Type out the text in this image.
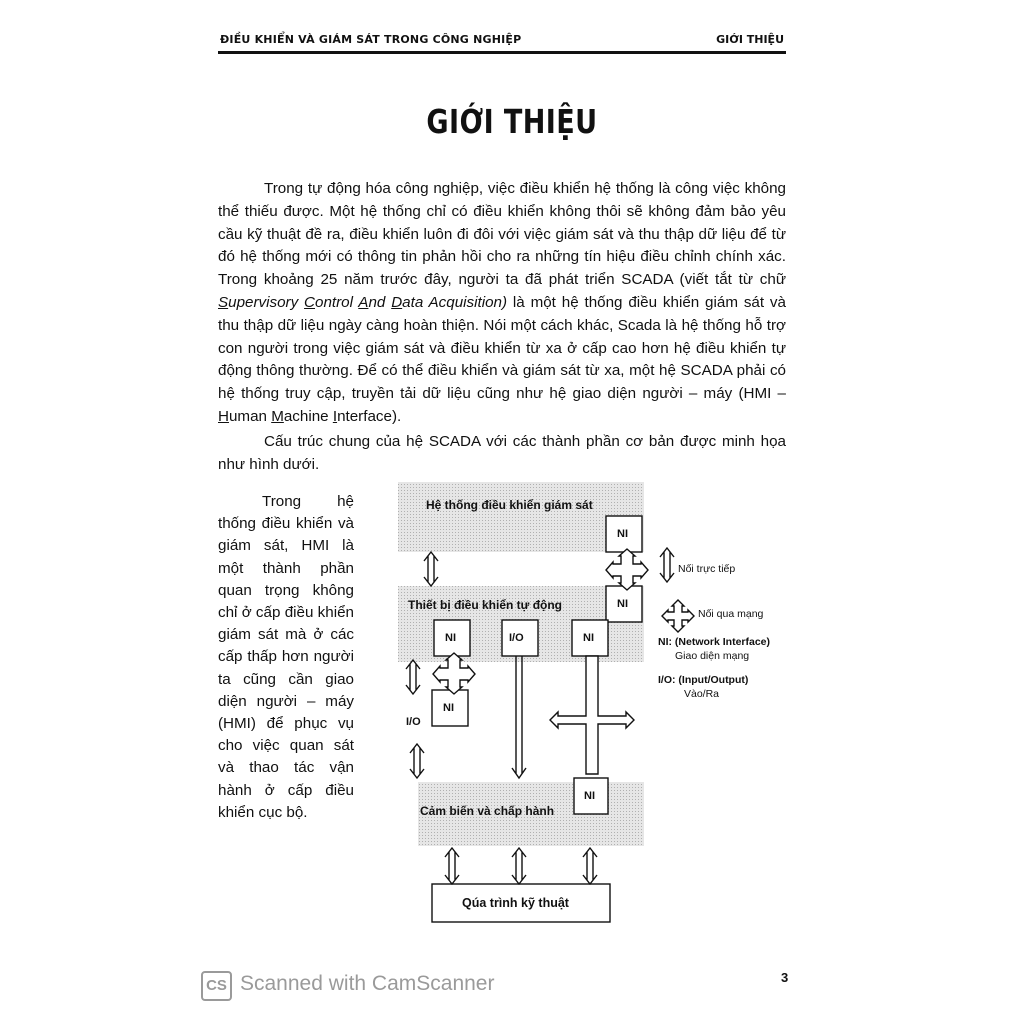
ĐIỀU KHIỂN VÀ GIÁM SÁT TRONG CÔNG NGHIỆP	GIỚI THIỆU
GIỚI THIỆU

Trong tự động hóa công nghiệp, việc điều khiển hệ thống là công việc không thể thiếu được. Một hệ thống chỉ có điều khiển không thôi sẽ không đảm bảo yêu cầu kỹ thuật đề ra, điều khiển luôn đi đôi với việc giám sát và thu thập dữ liệu để từ đó hệ thống mới có thông tin phản hồi cho ra những tín hiệu điều chỉnh chính xác. Trong khoảng 25 năm trước đây, người ta đã phát triển SCADA (viết tắt từ chữ Supervisory Control And Data Acquisition) là một hệ thống điều khiển giám sát và thu thập dữ liệu ngày càng hoàn thiện. Nói một cách khác, Scada là hệ thống hỗ trợ con người trong việc giám sát và điều khiển từ xa ở cấp cao hơn hệ điều khiển tự động thông thường. Để có thể điều khiển và giám sát từ xa, một hệ SCADA phải có hệ thống truy cập, truyền tải dữ liệu cũng như hệ giao diện người – máy (HMI – Human Machine Interface).

Cấu trúc chung của hệ SCADA với các thành phần cơ bản được minh họa như hình dưới.

Trong hệ thống điều khiển và giám sát, HMI là một thành phần quan trọng không chỉ ở cấp điều khiển giám sát mà ở các cấp thấp hơn người ta cũng cần giao diện người – máy (HMI) để phục vụ cho việc quan sát và thao tác vận hành ở cấp điều khiển cục bộ.

Hệ thống điều khiển giám sát
Thiết bị điều khiển tự động
Cảm biến và chấp hành
Qúa trình kỹ thuật
NI
NI
NI	I/O	NI
NI
I/O
NI
Nối trực tiếp
Nối qua mạng
NI: (Network Interface)
Giao diện mạng
I/O: (Input/Output)
Vào/Ra
CS Scanned with CamScanner	3
